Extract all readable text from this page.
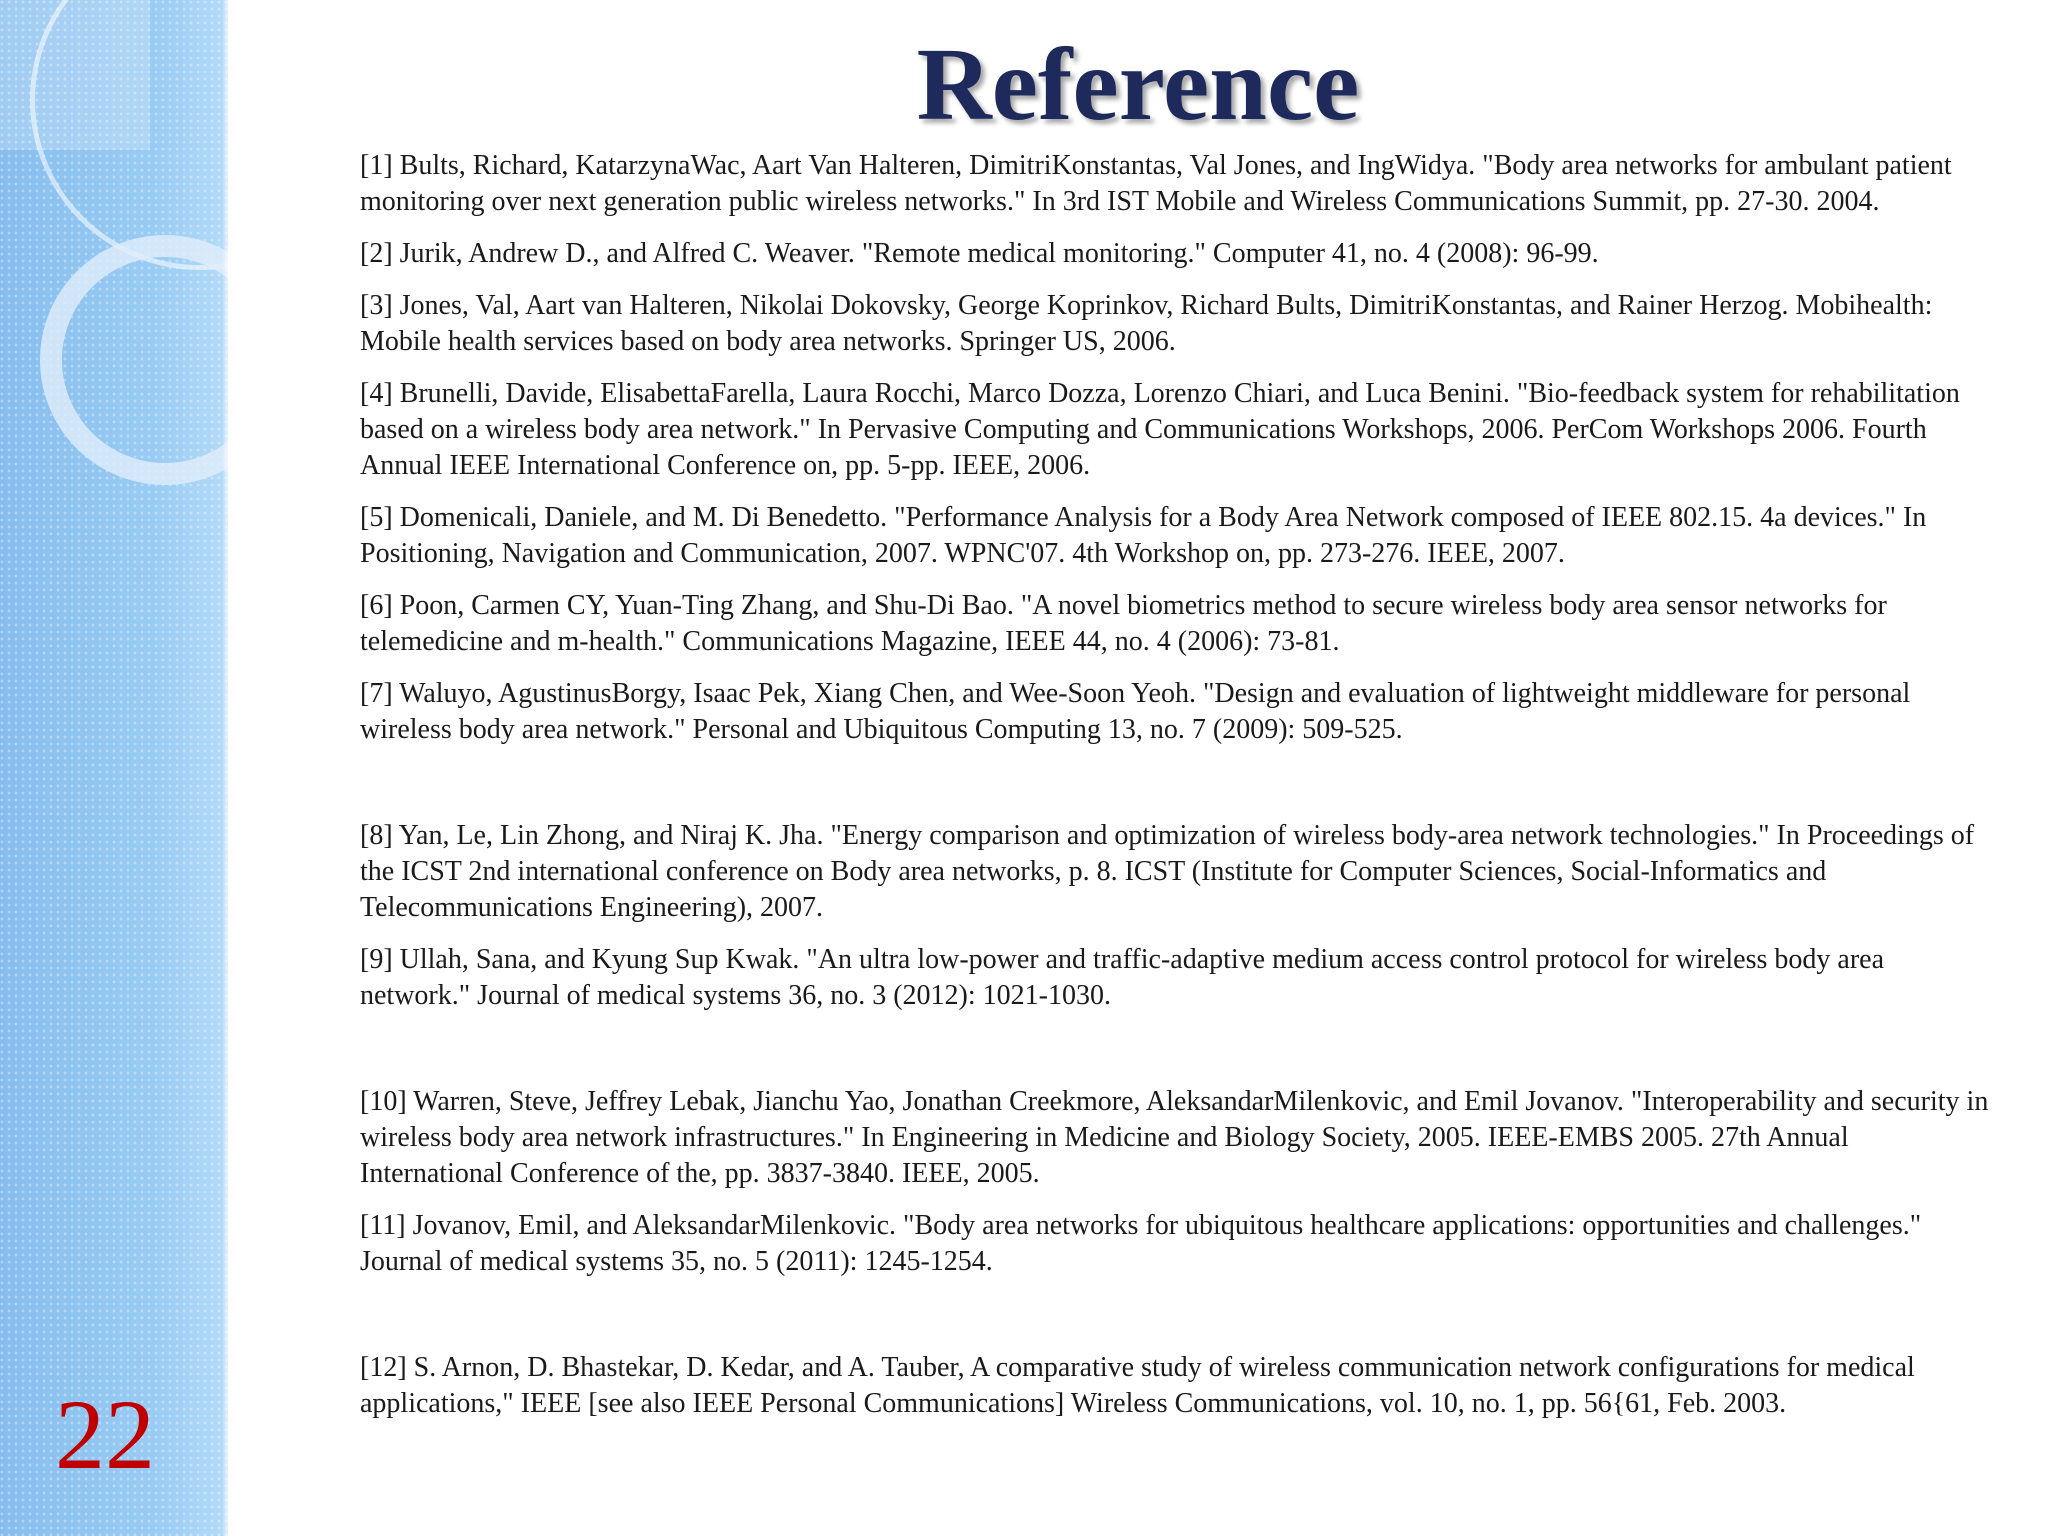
22
Reference

[1] Bults, Richard, KatarzynaWac, Aart Van Halteren, DimitriKonstantas, Val Jones, and IngWidya. "Body area networks for ambulant patient monitoring over next generation public wireless networks." In 3rd IST Mobile and Wireless Communications Summit, pp. 27-30. 2004.

[2] Jurik, Andrew D., and Alfred C. Weaver. "Remote medical monitoring." Computer 41, no. 4 (2008): 96-99.

[3] Jones, Val, Aart van Halteren, Nikolai Dokovsky, George Koprinkov, Richard Bults, DimitriKonstantas, and Rainer Herzog. Mobihealth: Mobile health services based on body area networks. Springer US, 2006.

[4] Brunelli, Davide, ElisabettaFarella, Laura Rocchi, Marco Dozza, Lorenzo Chiari, and Luca Benini. "Bio-feedback system for rehabilitation based on a wireless body area network." In Pervasive Computing and Communications Workshops, 2006. PerCom Workshops 2006. Fourth Annual IEEE International Conference on, pp. 5-pp. IEEE, 2006.

[5] Domenicali, Daniele, and M. Di Benedetto. "Performance Analysis for a Body Area Network composed of IEEE 802.15. 4a devices." In Positioning, Navigation and Communication, 2007. WPNC'07. 4th Workshop on, pp. 273-276. IEEE, 2007.

[6] Poon, Carmen CY, Yuan-Ting Zhang, and Shu-Di Bao. "A novel biometrics method to secure wireless body area sensor networks for telemedicine and m-health." Communications Magazine, IEEE 44, no. 4 (2006): 73-81.

[7] Waluyo, AgustinusBorgy, Isaac Pek, Xiang Chen, and Wee-Soon Yeoh. "Design and evaluation of lightweight middleware for personal wireless body area network." Personal and Ubiquitous Computing 13, no. 7 (2009): 509-525.

[8] Yan, Le, Lin Zhong, and Niraj K. Jha. "Energy comparison and optimization of wireless body-area network technologies." In Proceedings of the ICST 2nd international conference on Body area networks, p. 8. ICST (Institute for Computer Sciences, Social-Informatics and Telecommunications Engineering), 2007.

[9] Ullah, Sana, and Kyung Sup Kwak. "An ultra low-power and traffic-adaptive medium access control protocol for wireless body area network." Journal of medical systems 36, no. 3 (2012): 1021-1030.

[10] Warren, Steve, Jeffrey Lebak, Jianchu Yao, Jonathan Creekmore, AleksandarMilenkovic, and Emil Jovanov. "Interoperability and security in wireless body area network infrastructures." In Engineering in Medicine and Biology Society, 2005. IEEE-EMBS 2005. 27th Annual International Conference of the, pp. 3837-3840. IEEE, 2005.

[11] Jovanov, Emil, and AleksandarMilenkovic. "Body area networks for ubiquitous healthcare applications: opportunities and challenges." Journal of medical systems 35, no. 5 (2011): 1245-1254.

[12] S. Arnon, D. Bhastekar, D. Kedar, and A. Tauber, A comparative study of wireless communication network configurations for medical applications," IEEE [see also IEEE Personal Communications] Wireless Communications, vol. 10, no. 1, pp. 56{61, Feb. 2003.
